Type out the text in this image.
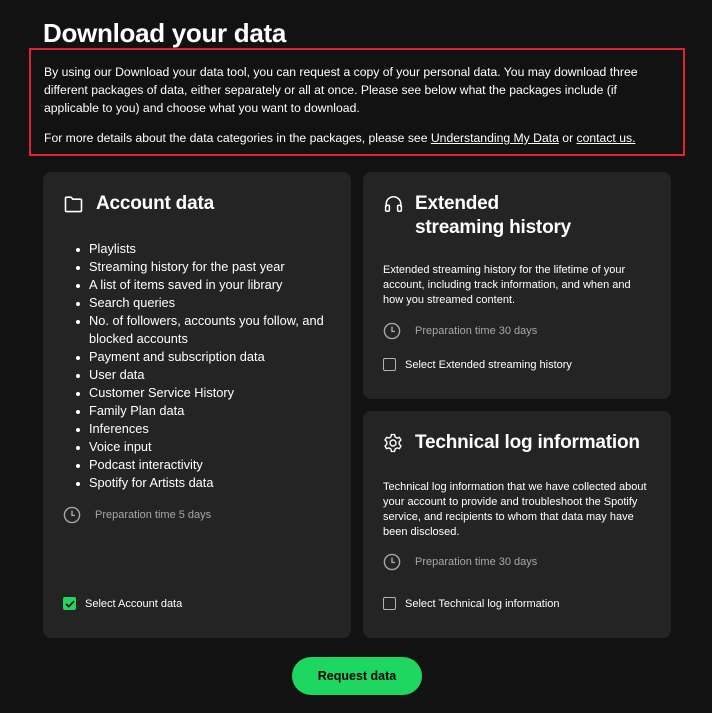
Download your data

By using our Download your data tool, you can request a copy of your personal data. You may download three different packages of data, either separately or all at once. Please see below what the packages include (if applicable to you) and choose what you want to download.

For more details about the data categories in the packages, please see Understanding My Data or contact us.

Account data
Playlists
Streaming history for the past year
A list of items saved in your library
Search queries
No. of followers, accounts you follow, and blocked accounts
Payment and subscription data
User data
Customer Service History
Family Plan data
Inferences
Voice input
Podcast interactivity
Spotify for Artists data
Preparation time 5 days
Select Account data
Extended
streaming history

Extended streaming history for the lifetime of your account, including track information, and when and how you streamed content.

Preparation time 30 days
Select Extended streaming history
Technical log information

Technical log information that we have collected about your account to provide and troubleshoot the Spotify service, and recipients to whom that data may have been disclosed.

Preparation time 30 days
Select Technical log information
Request data
